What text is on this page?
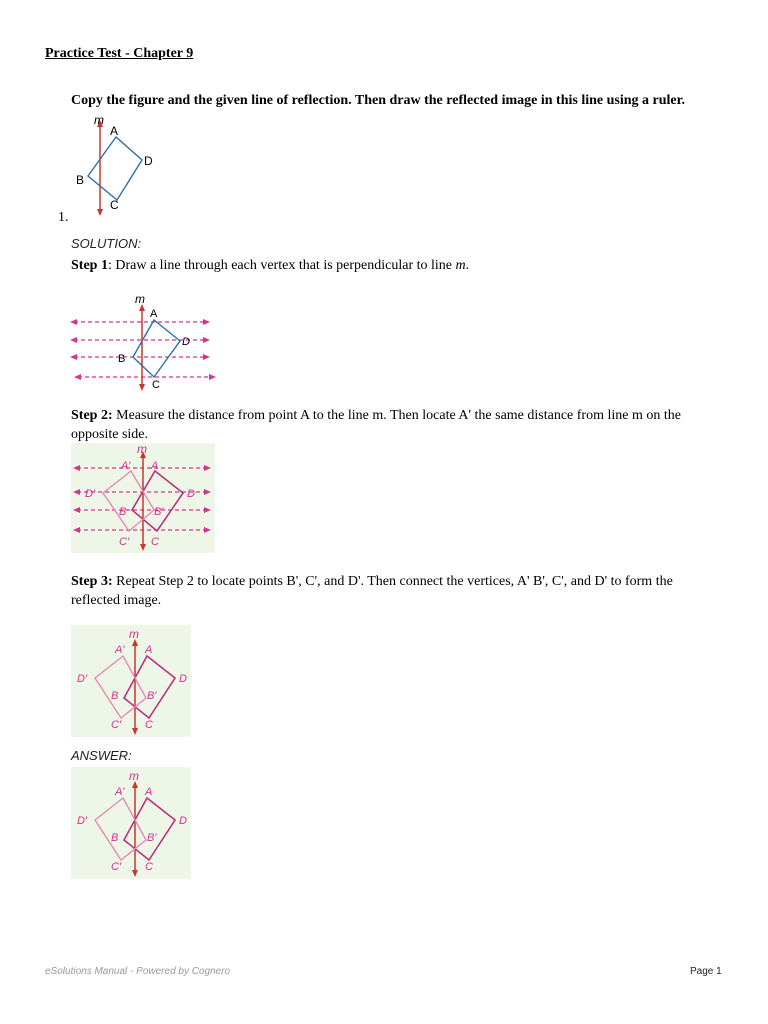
Practice Test - Chapter 9
Copy the figure and the given line of reflection. Then draw the reflected image in this line using a ruler.
m
A
D
B
C
1.
SOLUTION:
Step 1: Draw a line through each vertex that is perpendicular to line m.
m
A
D
B
C
Step 2: Measure the distance from point A to the line m. Then locate A' the same distance from line m on the opposite side.
m
A′ A
D′	D
B	B′
C′ C
Step 3: Repeat Step 2 to locate points B', C', and D'. Then connect the vertices, A' B', C', and D' to form the reflected image.
m
A′ A
D′	D
B	B′
C′ C
ANSWER:
m
A′ A
D′	D
B	B′
C′ C
eSolutions Manual - Powered by Cognero	Page 1
